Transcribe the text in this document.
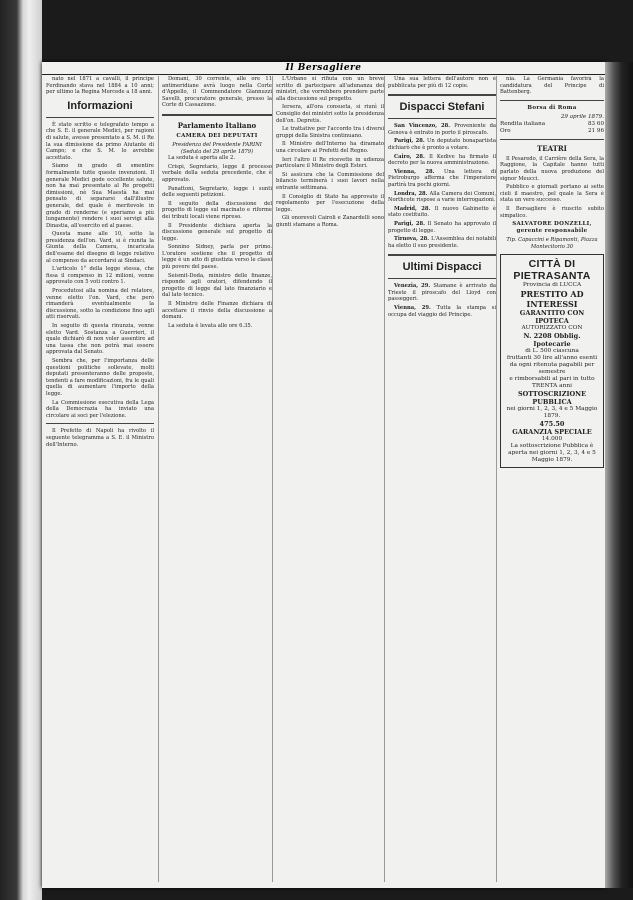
Il Bersagliere

nato nel 1871 a cavalli, il principe Ferdinando stava nel 1884 a 10 anni; per ultimo la Regina Mercede a 18 anni.

Informazioni

È stato scritto e telegrafato tempo a che S. E. il generale Medici, per ragioni di salute, avesse presentato a S. M. il Re la sua dimissione da primo Aiutante di Campo; e che S. M. lo avrebbe accettato.

Siamo in grado di smentire formalmente tutte queste invenzioni. Il generale Medici gode eccellente salute, non ha mai presentato al Re progetti dimissioni, nè Sua Maestà ha mai pensato di separarsi dall'illustre generale, del quale è meritevole in grado di renderne (e speriamo a più lungamente) rendere i suoi servigi alla Dinastia, all'esercito ed al paese.

Questa mane alle 10, sotto la presidenza dell'on. Vard, si è riunita la Giunta della Camera, incaricata dell'esame del disegno di legge relativo al compenso da accordarsi ai Sindaci.

L'articolo 1° della legge stessa, che fissa il compenso in 12 milioni, venne approvato con 5 voti contro 1.

Procedutosi alla nomina del relatore, venne eletto l'on. Vard, che però rimanderà eventualmente la discussione, sotto la condizione fino agli atti riservati.

In seguito di questa rinunzia, venne eletto Vard. Sostanza a Guerrieri, il quale dichiarò di non voler assentire ad una tassa che non potrà mai essere approvata dal Senato.

Sembra che, per l'importanza delle questioni politiche sollevate, molti deputati presenteranno delle proposte, tendenti a fare modificazioni, fra le quali quella di aumentare l'importo della legge.

La Commissione esecutiva della Lega della Democrazia ha inviato una circolare ai soci per l'elezione.

Il Prefetto di Napoli ha rivolto il seguente telegramma a S. E. il Ministro dell'Interno.

Domani, 30 corrente, alle ore 11 antimeridiane avrà luogo nella Corte d'Appello, il Commendatore Giannuzzi Savelli, procuratore generale, presso la Corte di Cassazione.

Parlamento Italiano
CAMERA DEI DEPUTATI
Presidenza del Presidente FARINI
(Seduta del 29 aprile 1879)

La seduta è aperta alle 2.

Crispi, Segretario, legge il processo verbale della seduta precedente, che è approvato.

Panattoni, Segretario, legge i sunti delle seguenti petizioni.

Il seguito della discussione del progetto di legge sul macinato e riforme dei tributi locali viene ripreso.

Il Presidente dichiara aperta la discussione generale sul progetto di legge.

Sonnino Sidney, parla per primo. L'oratore sostiene che il progetto di legge è un atto di giustizia verso le classi più povere del paese.

Seismit-Doda, ministro delle finanze, risponde agli oratori, difendendo il progetto di legge dal lato finanziario e dal lato tecnico.

Il Ministro delle Finanze dichiara di accettare il rinvio della discussione a domani.

La seduta è levata alle ore 6.35.

L'Urbano si rifiuta con un breve scritto di partecipare all'adunanza dei ministri, che vorrebbero prendere parte alla discussione sul progetto.

Iersera, all'ora consueta, si riunì il Consiglio dei ministri sotto la presidenza dell'on. Depretis.

Le trattative per l'accordo tra i diversi gruppi della Sinistra continuano.

Il Ministro dell'Interno ha diramato una circolare ai Prefetti del Regno.

Ieri l'altro il Re ricevette in udienza particolare il Ministro degli Esteri.

Si assicura che la Commissione del bilancio terminerà i suoi lavori nella entrante settimana.

Il Consiglio di Stato ha approvato il regolamento per l'esecuzione della legge.

Gli onorevoli Cairoli e Zanardelli sono giunti stamane a Roma.

Una sua lettera dell'autore non è pubblicata per più di 12 copie.

Dispacci Stefani

San Vincenzo, 28. Proveniente da Genova è entrato in porto il piroscafo.

Parigi, 28. Un deputato bonapartista dichiarò che è pronto a votare.

Cairo, 28. Il Kedive ha firmato il decreto per la nuova amministrazione.

Vienna, 28. Una lettera di Pietroburgo afferma che l'imperatore partirà tra pochi giorni.

Londra, 28. Alla Camera dei Comuni, Northcote rispose a varie interrogazioni.

Madrid, 28. Il nuovo Gabinetto è stato costituito.

Parigi, 28. Il Senato ha approvato il progetto di legge.

Tirnova, 28. L'Assemblea dei notabili ha eletto il suo presidente.

Ultimi Dispacci

Venezia, 29. Stamane è arrivato da Trieste il piroscafo del Lloyd con passeggeri.

Vienna, 29. Tutta la stampa si occupa del viaggio del Principe.

nia. La Germania favorirà la candidatura del Principe di Battenberg.

Borsa di Roma
29 aprile 1879.
Rendita italiana	83 60
Oro	21 96
TEATRI

Il Pesaredo, il Carrière della Sera, la Raggione, la Capitale hanno tutti parlato della nuova produzione del signor Meucci.

Pubblico e giornali portano ai sette cieli il maestro, pel quale la Sera è stata un vero successo.

Il Bersagliere è riuscito subito simpatico.

SALVATORE DONZELLI, gerente responsabile
Tip. Capaccini e Ripamonti, Piazza Montecitorio 30
CITTÀ DI PIETRASANTA
Provincia di LUCCA
PRESTITO AD INTERESSI
GARANTITO CON IPOTECA
AUTORIZZATO CON
N. 2208 Obblig. Ipotecarie
di L. 500 ciascuna
fruttanti 30 lire all'anno esenti da ogni ritenuta pagabili per semestre
e rimborsabili al pari in tutto TRENTA anni
SOTTOSCRIZIONE PUBBLICA
nei giorni 1, 2, 3, 4 e 5 Maggio 1879.
475.50
GARANZIA SPECIALE
14.000
La sottoscrizione Pubblica è aperta nei giorni 1, 2, 3, 4 e 5 Maggio 1879.
